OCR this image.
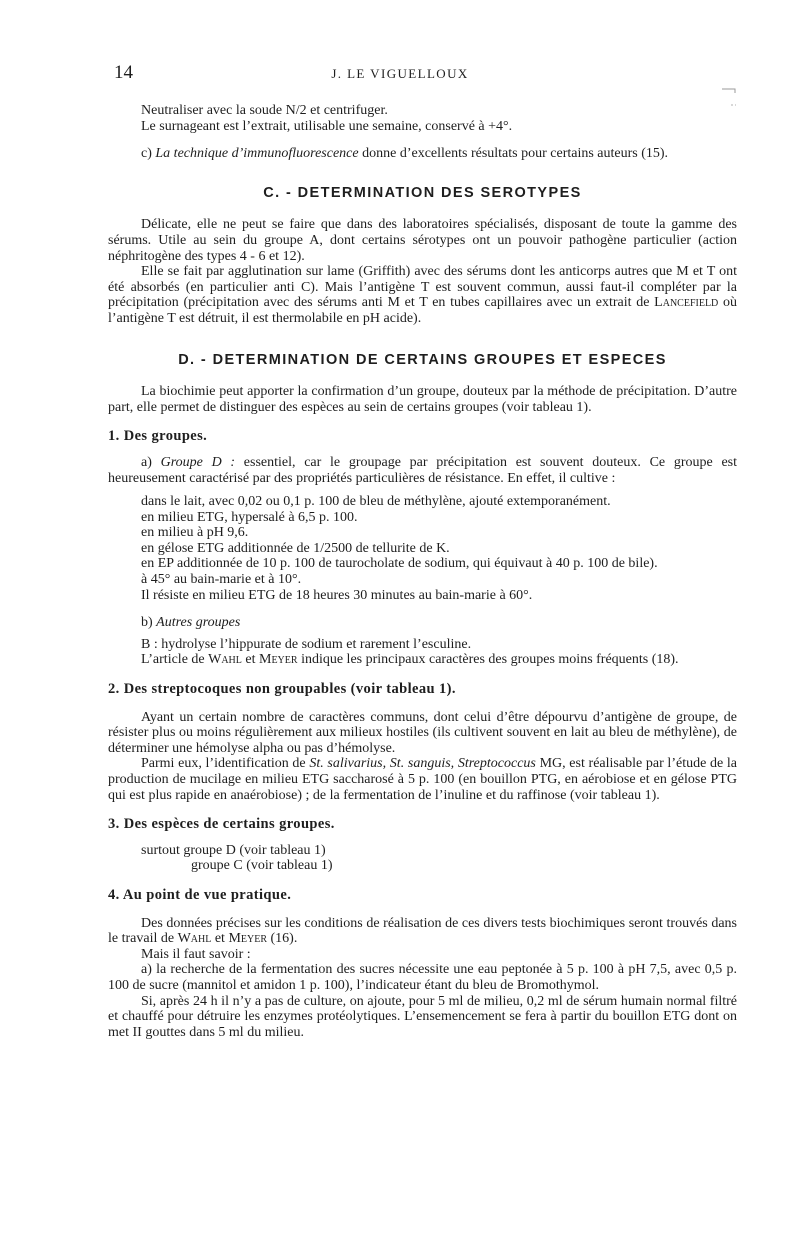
14	J. LE VIGUELLOUX

Neutraliser avec la soude N/2 et centrifuger.

Le surnageant est l’extrait, utilisable une semaine, conservé à +4°.

c) La technique d’immunofluorescence donne d’excellents résultats pour certains auteurs (15).

C. - DETERMINATION DES SEROTYPES

Délicate, elle ne peut se faire que dans des laboratoires spécialisés, disposant de toute la gamme des sérums. Utile au sein du groupe A, dont certains sérotypes ont un pouvoir pathogène particulier (action néphritogène des types 4 - 6 et 12).

Elle se fait par agglutination sur lame (Griffith) avec des sérums dont les anticorps autres que M et T ont été absorbés (en particulier anti C). Mais l’antigène T est souvent commun, aussi faut-il compléter par la précipitation (précipitation avec des sérums anti M et T en tubes capillaires avec un extrait de Lancefield où l’antigène T est détruit, il est thermolabile en pH acide).

D. - DETERMINATION DE CERTAINS GROUPES ET ESPECES

La biochimie peut apporter la confirmation d’un groupe, douteux par la méthode de précipitation. D’autre part, elle permet de distinguer des espèces au sein de certains groupes (voir tableau 1).

1. Des groupes.

a) Groupe D : essentiel, car le groupage par précipitation est souvent douteux. Ce groupe est heureusement caractérisé par des propriétés particulières de résistance. En effet, il cultive :

dans le lait, avec 0,02 ou 0,1 p. 100 de bleu de méthylène, ajouté extemporanément.

en milieu ETG, hypersalé à 6,5 p. 100.

en milieu à pH 9,6.

en gélose ETG additionnée de 1/2500 de tellurite de K.

en EP additionnée de 10 p. 100 de taurocholate de sodium, qui équivaut à 40 p. 100 de bile).

à 45° au bain-marie et à 10°.

Il résiste en milieu ETG de 18 heures 30 minutes au bain-marie à 60°.

b) Autres groupes

B : hydrolyse l’hippurate de sodium et rarement l’esculine.

L’article de Wahl et Meyer indique les principaux caractères des groupes moins fréquents (18).

2. Des streptocoques non groupables (voir tableau 1).

Ayant un certain nombre de caractères communs, dont celui d’être dépourvu d’antigène de groupe, de résister plus ou moins régulièrement aux milieux hostiles (ils cultivent souvent en lait au bleu de méthylène), de déterminer une hémolyse alpha ou pas d’hémolyse.

Parmi eux, l’identification de St. salivarius, St. sanguis, Streptococcus MG, est réalisable par l’étude de la production de mucilage en milieu ETG saccharosé à 5 p. 100 (en bouillon PTG, en aérobiose et en gélose PTG qui est plus rapide en anaérobiose) ; de la fermentation de l’inuline et du raffinose (voir tableau 1).

3. Des espèces de certains groupes.

surtout groupe D (voir tableau 1)

groupe C (voir tableau 1)

4. Au point de vue pratique.

Des données précises sur les conditions de réalisation de ces divers tests biochimiques seront trouvés dans le travail de Wahl et Meyer (16).

Mais il faut savoir :

a) la recherche de la fermentation des sucres nécessite une eau peptonée à 5 p. 100 à pH 7,5, avec 0,5 p. 100 de sucre (mannitol et amidon 1 p. 100), l’indicateur étant du bleu de Bromothymol.

Si, après 24 h il n’y a pas de culture, on ajoute, pour 5 ml de milieu, 0,2 ml de sérum humain normal filtré et chauffé pour détruire les enzymes protéolytiques. L’ensemencement se fera à partir du bouillon ETG dont on met II gouttes dans 5 ml du milieu.
